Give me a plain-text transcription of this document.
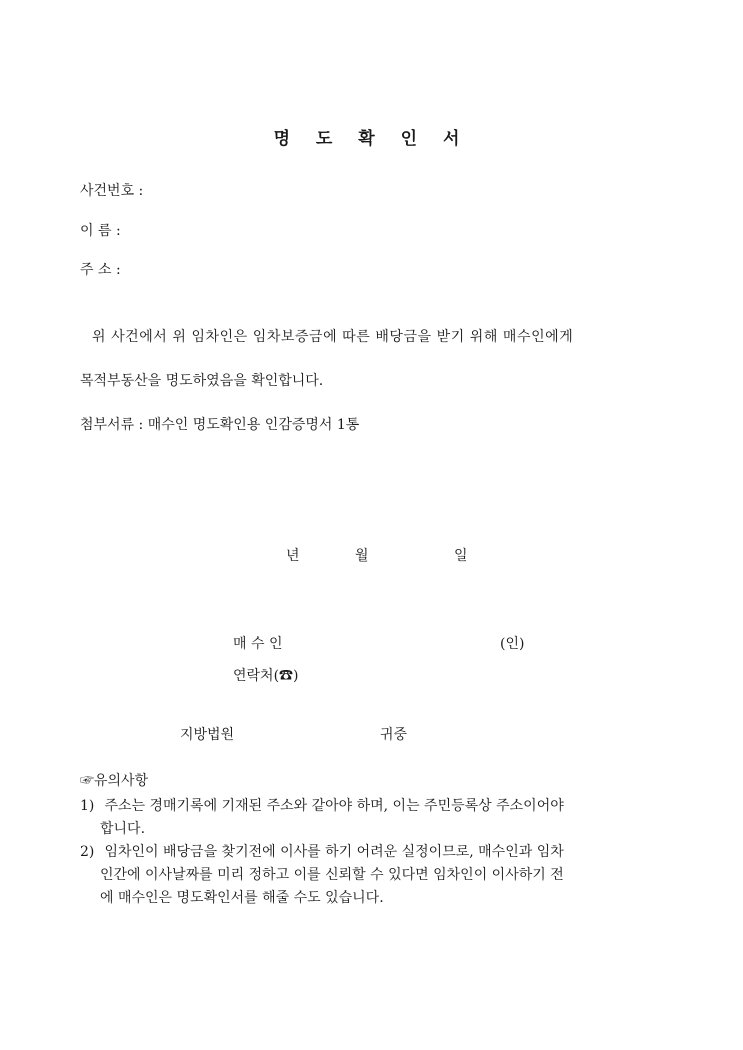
명 도 확 인 서
사건번호 :
이 름 :
주 소 :
위 사건에서 위 임차인은 임차보증금에 따른 배당금을 받기 위해 매수인에게
목적부동산을 명도하였음을 확인합니다.
첨부서류 : 매수인 명도확인용 인감증명서 1통
년	월	일
매 수 인	(인)
연락처(☎)
지방법원	귀중
☞유의사항
1) 주소는 경매기록에 기재된 주소와 같아야 하며, 이는 주민등록상 주소이어야
합니다.
2) 임차인이 배당금을 찾기전에 이사를 하기 어려운 실정이므로, 매수인과 임차
인간에 이사날짜를 미리 정하고 이를 신뢰할 수 있다면 임차인이 이사하기 전
에 매수인은 명도확인서를 해줄 수도 있습니다.
